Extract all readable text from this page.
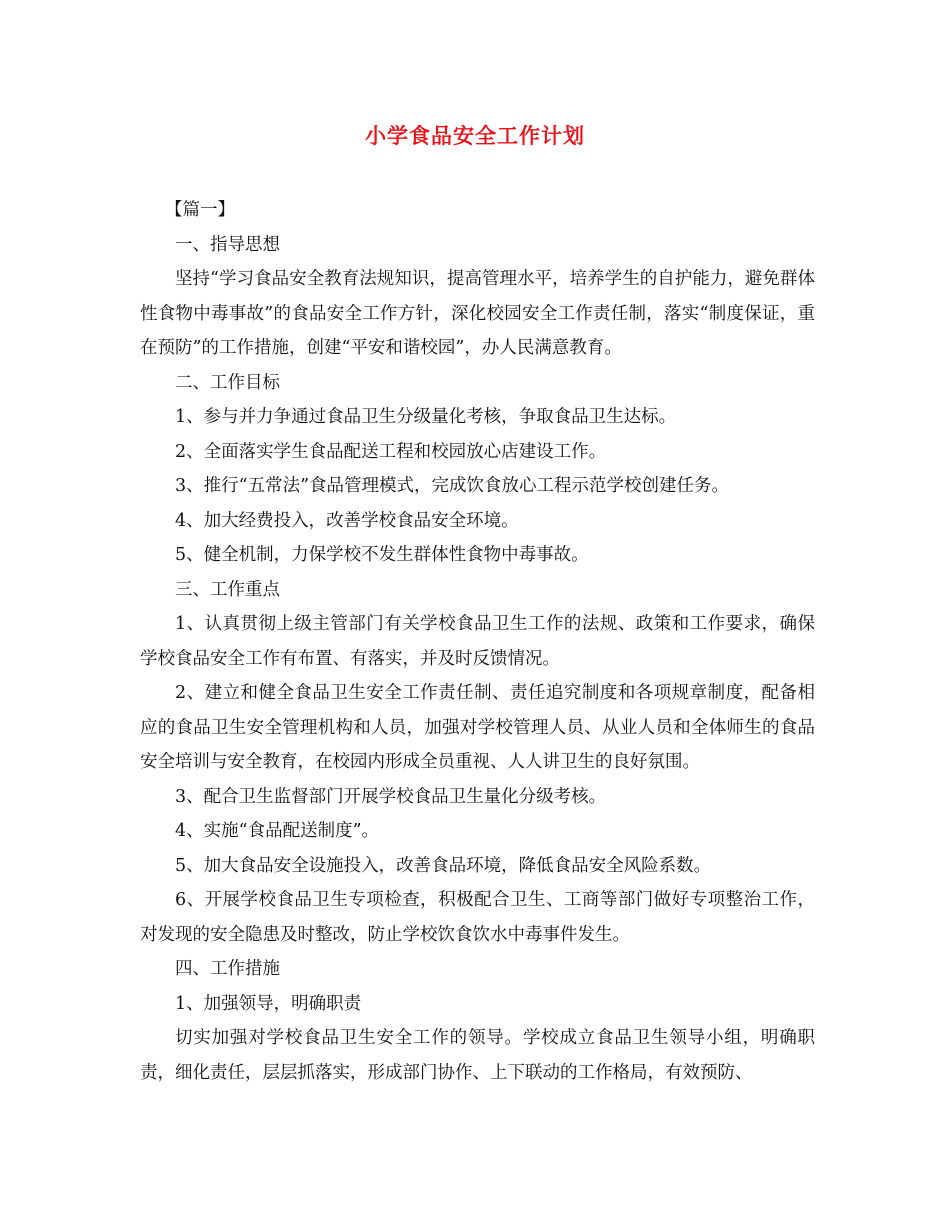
小学食品安全工作计划

【篇一】

一、指导思想

坚持“学习食品安全教育法规知识，提高管理水平，培养学生的自护能力，避免群体性食物中毒事故”的食品安全工作方针，深化校园安全工作责任制，落实“制度保证，重在预防”的工作措施，创建“平安和谐校园”，办人民满意教育。

二、工作目标

1、参与并力争通过食品卫生分级量化考核，争取食品卫生达标。

2、全面落实学生食品配送工程和校园放心店建设工作。

3、推行“五常法”食品管理模式，完成饮食放心工程示范学校创建任务。

4、加大经费投入，改善学校食品安全环境。

5、健全机制，力保学校不发生群体性食物中毒事故。

三、工作重点

1、认真贯彻上级主管部门有关学校食品卫生工作的法规、政策和工作要求，确保学校食品安全工作有布置、有落实，并及时反馈情况。

2、建立和健全食品卫生安全工作责任制、责任追究制度和各项规章制度，配备相应的食品卫生安全管理机构和人员，加强对学校管理人员、从业人员和全体师生的食品安全培训与安全教育，在校园内形成全员重视、人人讲卫生的良好氛围。

3、配合卫生监督部门开展学校食品卫生量化分级考核。

4、实施“食品配送制度”。

5、加大食品安全设施投入，改善食品环境，降低食品安全风险系数。

6、开展学校食品卫生专项检查，积极配合卫生、工商等部门做好专项整治工作，对发现的安全隐患及时整改，防止学校饮食饮水中毒事件发生。

四、工作措施

1、加强领导，明确职责

切实加强对学校食品卫生安全工作的领导。学校成立食品卫生领导小组，明确职责，细化责任，层层抓落实，形成部门协作、上下联动的工作格局，有效预防、
